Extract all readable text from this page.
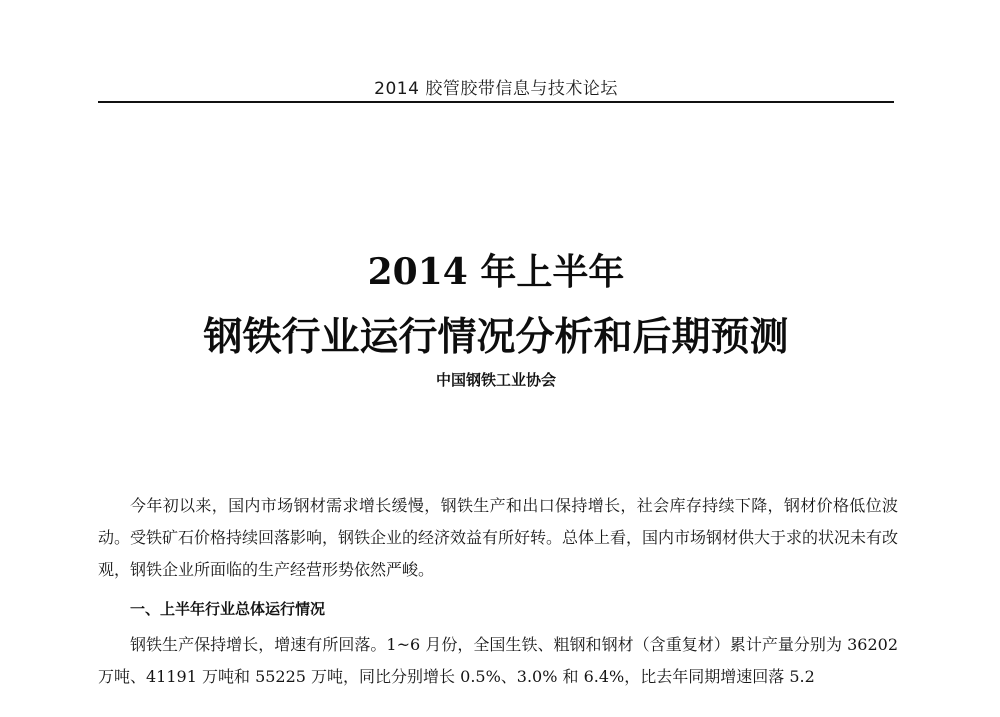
2014 胶管胶带信息与技术论坛
2014 年上半年
钢铁行业运行情况分析和后期预测
中国钢铁工业协会

今年初以来，国内市场钢材需求增长缓慢，钢铁生产和出口保持增长，社会库存持续下降，钢材价格低位波动。受铁矿石价格持续回落影响，钢铁企业的经济效益有所好转。总体上看，国内市场钢材供大于求的状况未有改观，钢铁企业所面临的生产经营形势依然严峻。

一、上半年行业总体运行情况

钢铁生产保持增长，增速有所回落。1~6 月份，全国生铁、粗钢和钢材（含重复材）累计产量分别为 36202 万吨、41191 万吨和 55225 万吨，同比分别增长 0.5%、3.0% 和 6.4%，比去年同期增速回落 5.2
